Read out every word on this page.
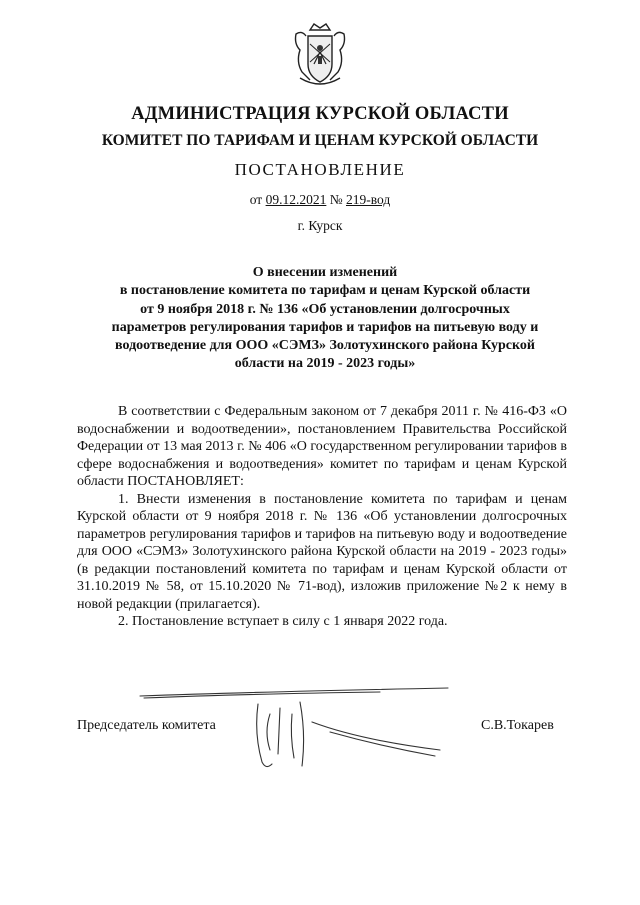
АДМИНИСТРАЦИЯ КУРСКОЙ ОБЛАСТИ
КОМИТЕТ ПО ТАРИФАМ И ЦЕНАМ КУРСКОЙ ОБЛАСТИ
ПОСТАНОВЛЕНИЕ
от 09.12.2021 № 219-вод
г. Курск
О внесении изменений
в постановление комитета по тарифам и ценам Курской области
от 9 ноября 2018 г. № 136 «Об установлении долгосрочных
параметров регулирования тарифов и тарифов на питьевую воду и
водоотведение для ООО «СЭМЗ» Золотухинского района Курской
области на 2019 - 2023 годы»

В соответствии с Федеральным законом от 7 декабря 2011 г. № 416-ФЗ «О водоснабжении и водоотведении», постановлением Правительства Российской Федерации от 13 мая 2013 г. № 406 «О государственном регулировании тарифов в сфере водоснабжения и водоотведения» комитет по тарифам и ценам Курской области ПОСТАНОВЛЯЕТ:

1. Внести изменения в постановление комитета по тарифам и ценам Курской области от 9 ноября 2018 г. № 136 «Об установлении долгосрочных параметров регулирования тарифов и тарифов на питьевую воду и водоотведение для ООО «СЭМЗ» Золотухинского района Курской области на 2019 - 2023 годы» (в редакции постановлений комитета по тарифам и ценам Курской области от 31.10.2019 № 58, от 15.10.2020 № 71-вод), изложив приложение №2 к нему в новой редакции (прилагается).

2. Постановление вступает в силу с 1 января 2022 года.

Председатель комитета	С.В.Токарев
